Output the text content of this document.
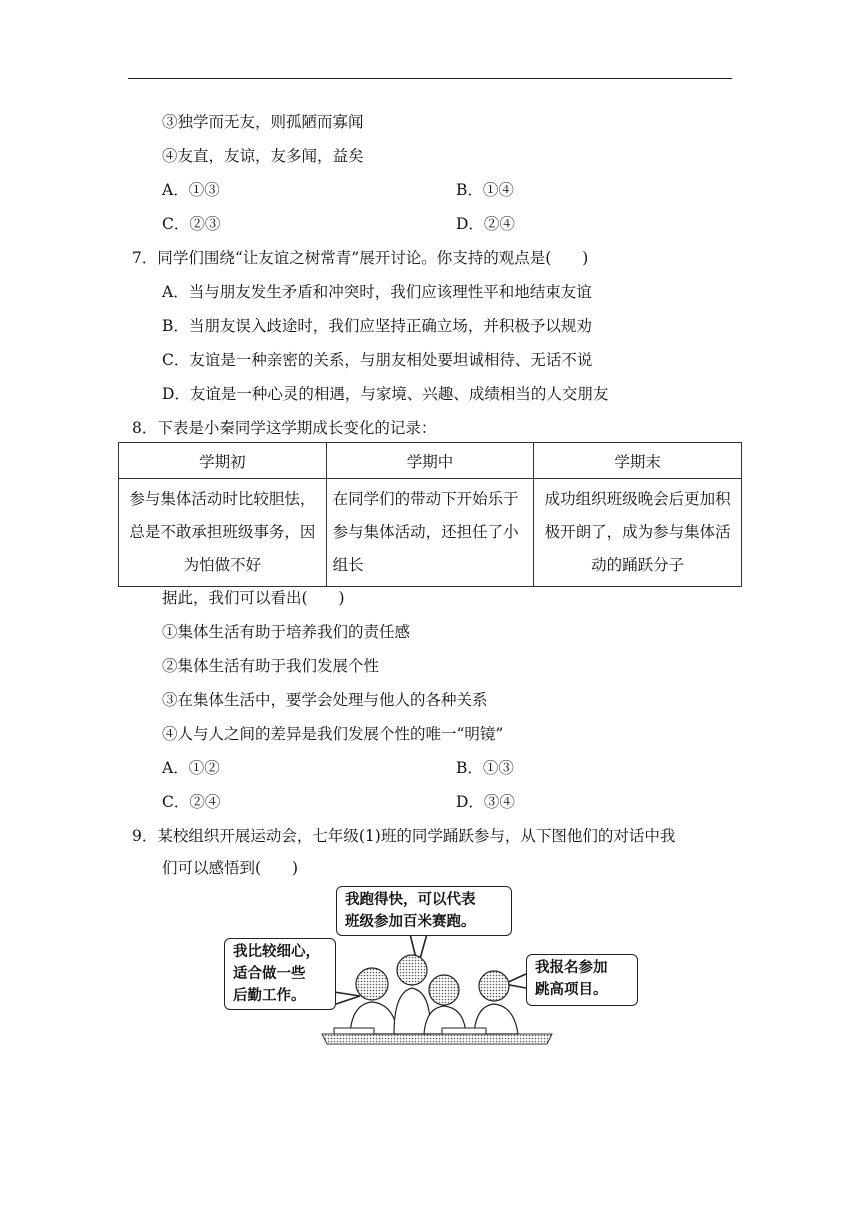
③独学而无友，则孤陋而寡闻
④友直，友谅，友多闻，益矣
A．①③	B．①④
C．②③	D．②④
7．同学们围绕“让友谊之树常青”展开讨论。你支持的观点是(　　)
A．当与朋友发生矛盾和冲突时，我们应该理性平和地结束友谊
B．当朋友误入歧途时，我们应坚持正确立场，并积极予以规劝
C．友谊是一种亲密的关系，与朋友相处要坦诚相待、无话不说
D．友谊是一种心灵的相遇，与家境、兴趣、成绩相当的人交朋友
8．下表是小秦同学这学期成长变化的记录：
学期初	学期中	学期末
参与集体活动时比较胆怯，总是不敢承担班级事务，因为怕做不好	在同学们的带动下开始乐于参与集体活动，还担任了小组长	成功组织班级晚会后更加积极开朗了，成为参与集体活动的踊跃分子
据此，我们可以看出(　　)
①集体生活有助于培养我们的责任感
②集体生活有助于我们发展个性
③在集体生活中，要学会处理与他人的各种关系
④人与人之间的差异是我们发展个性的唯一“明镜”
A．①②	B．①③
C．②④	D．③④
9．某校组织开展运动会，七年级(1)班的同学踊跃参与，从下图他们的对话中我
们可以感悟到(　　)
我跑得快，可以代表
班级参加百米赛跑。
我比较细心，
适合做一些
后勤工作。
我报名参加
跳高项目。
